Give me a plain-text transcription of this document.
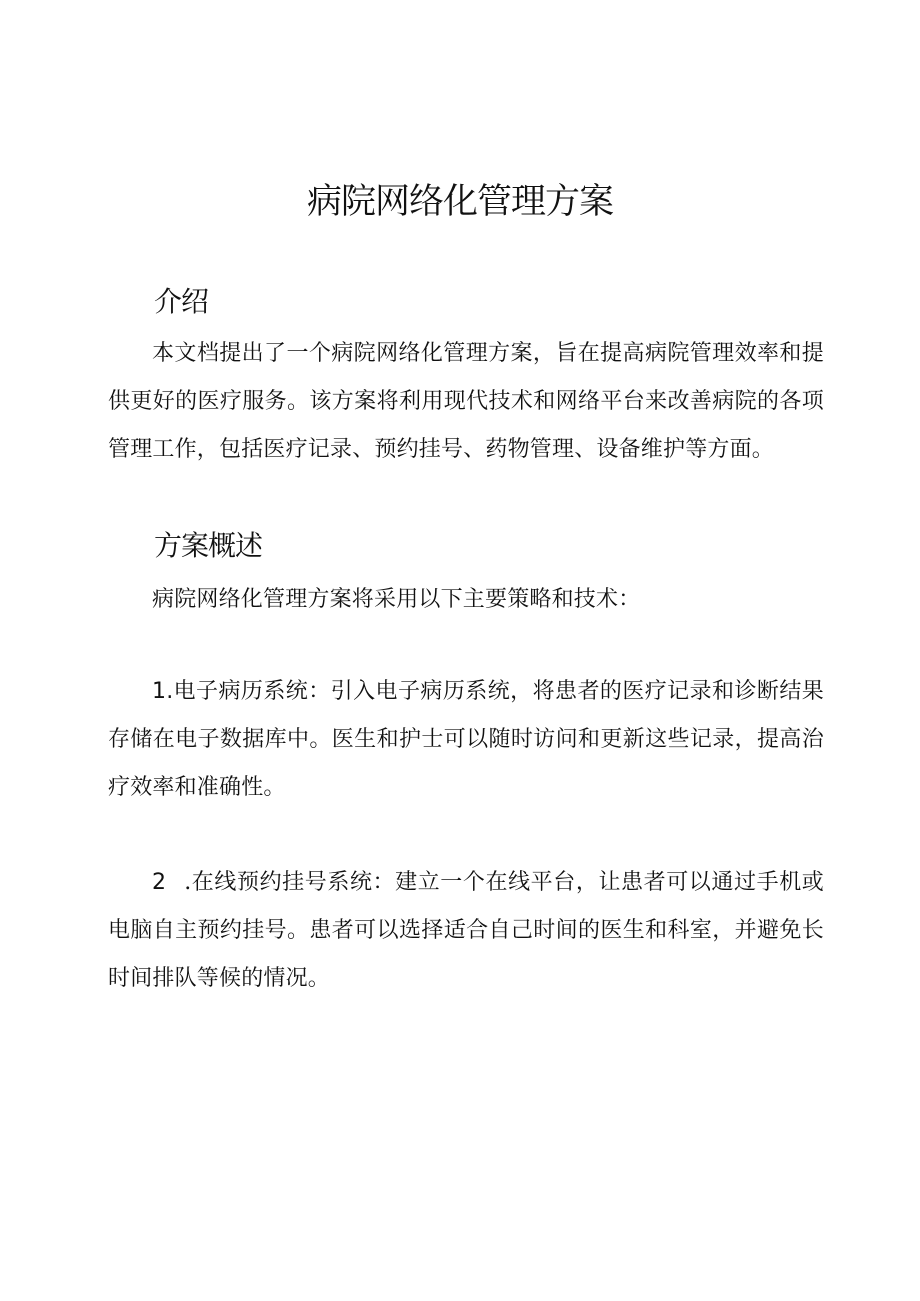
病院网络化管理方案
介绍

本文档提出了一个病院网络化管理方案，旨在提高病院管理效率和提供更好的医疗服务。该方案将利用现代技术和网络平台来改善病院的各项管理工作，包括医疗记录、预约挂号、药物管理、设备维护等方面。

方案概述

病院网络化管理方案将采用以下主要策略和技术：

1.电子病历系统：引入电子病历系统，将患者的医疗记录和诊断结果存储在电子数据库中。医生和护士可以随时访问和更新这些记录，提高治疗效率和准确性。

2 .在线预约挂号系统：建立一个在线平台，让患者可以通过手机或电脑自主预约挂号。患者可以选择适合自己时间的医生和科室，并避免长时间排队等候的情况。
